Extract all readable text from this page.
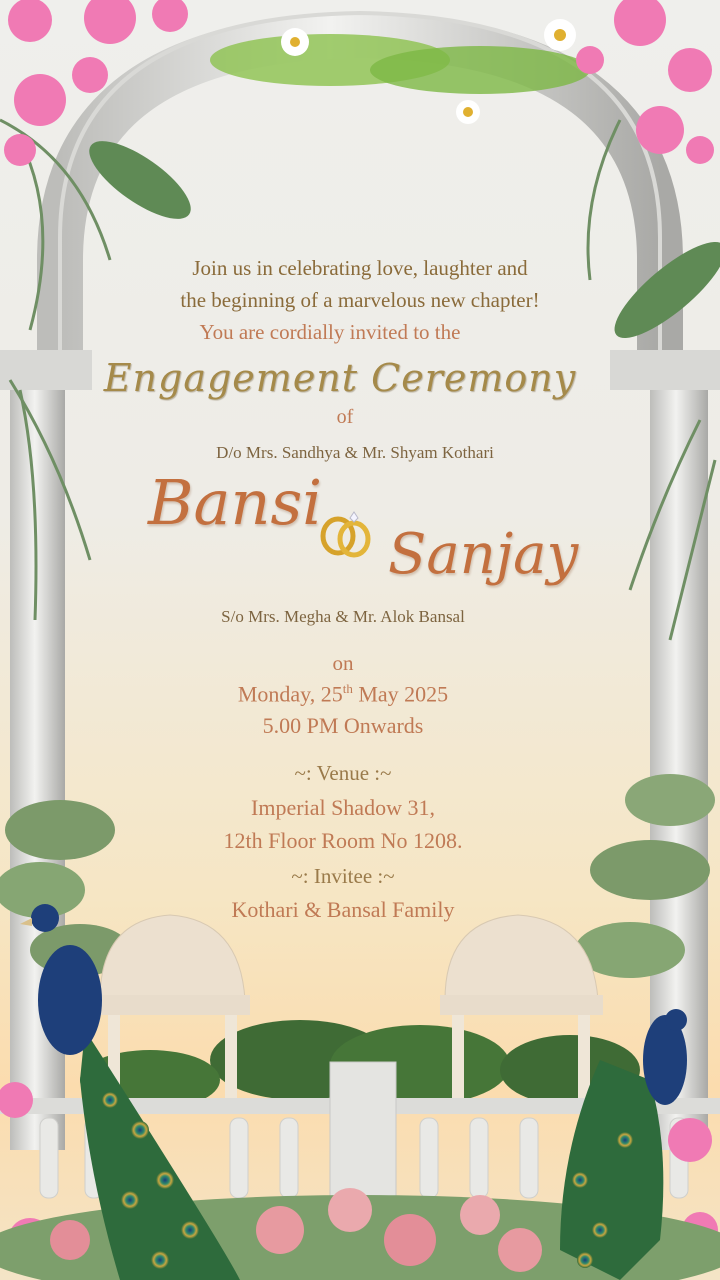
Join us in celebrating love, laughter and
the beginning of a marvelous new chapter!
You are cordially invited to the
Engagement Ceremony
of
D/o Mrs. Sandhya & Mr. Shyam Kothari
Bansi
Sanjay
S/o Mrs. Megha & Mr. Alok Bansal
on
Monday, 25th May 2025
5.00 PM Onwards
~: Venue :~
Imperial Shadow 31,
12th Floor Room No 1208.
~: Invitee :~
Kothari & Bansal Family
